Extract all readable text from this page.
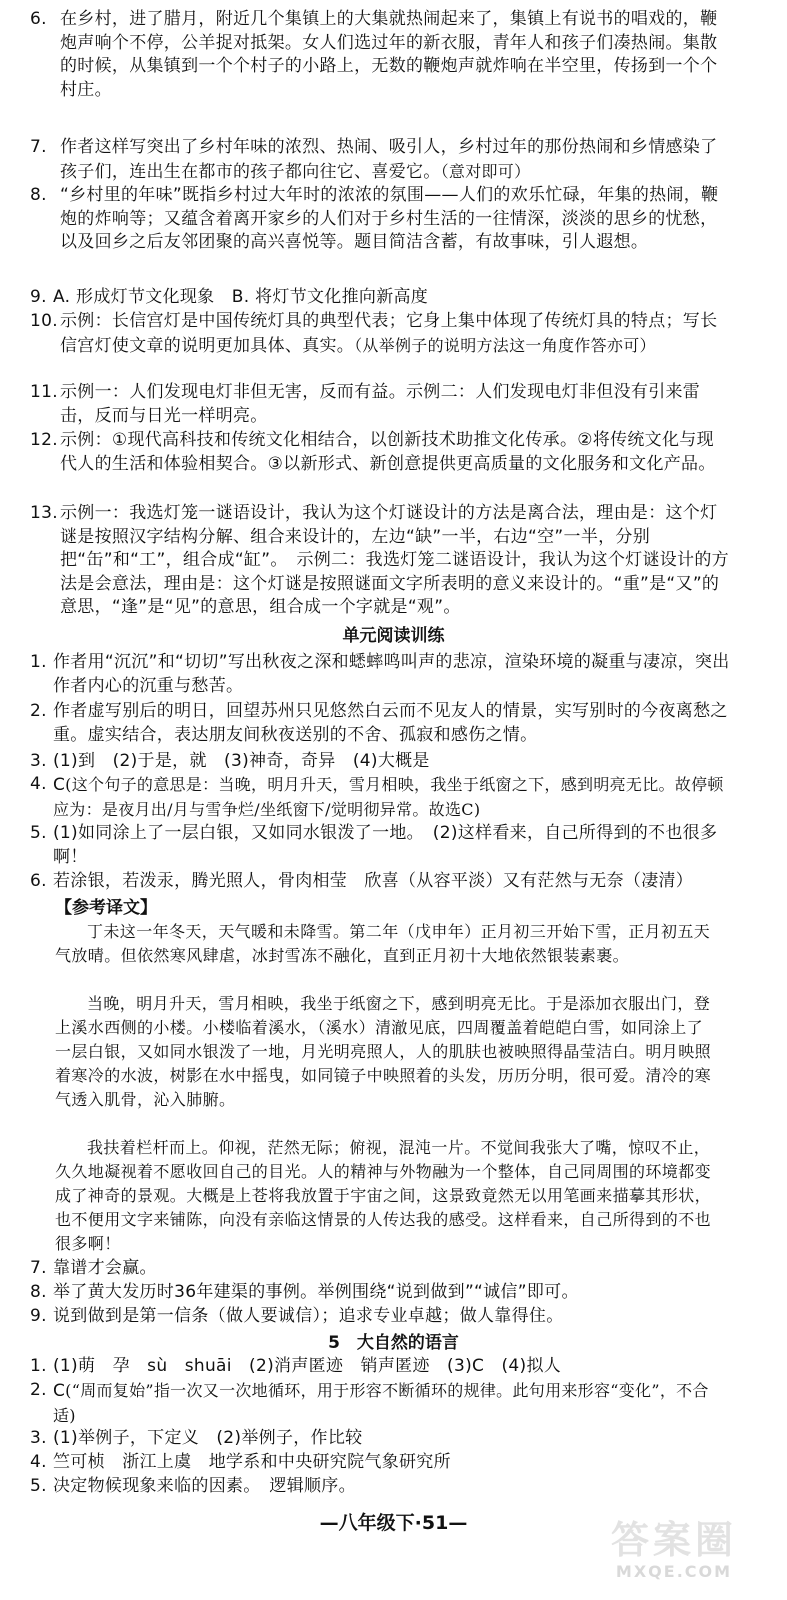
6. 在乡村，进了腊月，附近几个集镇上的大集就热闹起来了，集镇上有说书的唱戏的，鞭炮声响个不停，公羊捉对抵架。女人们选过年的新衣服，青年人和孩子们凑热闹。集散的时候，从集镇到一个个村子的小路上，无数的鞭炮声就炸响在半空里，传扬到一个个村庄。
7. 作者这样写突出了乡村年味的浓烈、热闹、吸引人，乡村过年的那份热闹和乡情感染了孩子们，连出生在都市的孩子都向往它、喜爱它。（意对即可）
8. “乡村里的年味”既指乡村过大年时的浓浓的氛围——人们的欢乐忙碌，年集的热闹，鞭炮的炸响等；又蕴含着离开家乡的人们对于乡村生活的一往情深，淡淡的思乡的忧愁，以及回乡之后友邻团聚的高兴喜悦等。题目简洁含蓄，有故事味，引人遐想。
9. A. 形成灯节文化现象　B. 将灯节文化推向新高度
10. 示例：长信宫灯是中国传统灯具的典型代表；它身上集中体现了传统灯具的特点；写长信宫灯使文章的说明更加具体、真实。（从举例子的说明方法这一角度作答亦可）
11. 示例一：人们发现电灯非但无害，反而有益。示例二：人们发现电灯非但没有引来雷击，反而与日光一样明亮。
12. 示例：①现代高科技和传统文化相结合，以创新技术助推文化传承。②将传统文化与现代人的生活和体验相契合。③以新形式、新创意提供更高质量的文化服务和文化产品。
13. 示例一：我选灯笼一谜语设计，我认为这个灯谜设计的方法是离合法，理由是：这个灯谜是按照汉字结构分解、组合来设计的，左边“缺”一半，右边“空”一半，分别把“缶”和“工”，组合成“缸”。　示例二：我选灯笼二谜语设计，我认为这个灯谜设计的方法是会意法，理由是：这个灯谜是按照谜面文字所表明的意义来设计的。“重”是“又”的意思，“逢”是“见”的意思，组合成一个字就是“观”。
单元阅读训练
1. 作者用“沉沉”和“切切”写出秋夜之深和蟋蟀鸣叫声的悲凉，渲染环境的凝重与凄凉，突出作者内心的沉重与愁苦。
2. 作者虚写别后的明日，回望苏州只见悠然白云而不见友人的情景，实写别时的今夜离愁之重。虚实结合，表达朋友间秋夜送别的不舍、孤寂和感伤之情。
3. (1)到　(2)于是，就　(3)神奇，奇异　(4)大概是
4. C(这个句子的意思是：当晚，明月升天，雪月相映，我坐于纸窗之下，感到明亮无比。故停顿应为：是夜月出/月与雪争烂/坐纸窗下/觉明彻异常。故选C)
5. (1)如同涂上了一层白银，又如同水银泼了一地。　(2)这样看来，自己所得到的不也很多啊！
6. 若涂银，若泼汞，腾光照人，骨肉相莹　欣喜（从容平淡）又有茫然与无奈（凄清）
【参考译文】
丁未这一年冬天，天气暖和未降雪。第二年（戊申年）正月初三开始下雪，正月初五天气放晴。但依然寒风肆虐，冰封雪冻不融化，直到正月初十大地依然银装素裹。
当晚，明月升天，雪月相映，我坐于纸窗之下，感到明亮无比。于是添加衣服出门，登上溪水西侧的小楼。小楼临着溪水，（溪水）清澈见底，四周覆盖着皑皑白雪，如同涂上了一层白银，又如同水银泼了一地，月光明亮照人，人的肌肤也被映照得晶莹洁白。明月映照着寒冷的水波，树影在水中摇曳，如同镜子中映照着的头发，历历分明，很可爱。清冷的寒气透入肌骨，沁入肺腑。
我扶着栏杆而上。仰视，茫然无际；俯视，混沌一片。不觉间我张大了嘴，惊叹不止，久久地凝视着不愿收回自己的目光。人的精神与外物融为一个整体，自己同周围的环境都变成了神奇的景观。大概是上苍将我放置于宇宙之间，这景致竟然无以用笔画来描摹其形状，也不便用文字来铺陈，向没有亲临这情景的人传达我的感受。这样看来，自己所得到的不也很多啊！
7. 靠谱才会赢。
8. 举了黄大发历时36年建渠的事例。举例围绕“说到做到”“诚信”即可。
9. 说到做到是第一信条（做人要诚信）；追求专业卓越；做人靠得住。
5　大自然的语言
1. (1)萌　孕　sù　shuāi　(2)消声匿迹　销声匿迹　(3)C　(4)拟人
2. C(“周而复始”指一次又一次地循环，用于形容不断循环的规律。此句用来形容“变化”，不合适)
3. (1)举例子，下定义　(2)举例子，作比较
4. 竺可桢　浙江上虞　地学系和中央研究院气象研究所
5. 决定物候现象来临的因素。　逻辑顺序。
—八年级下·51—	答案圈
MXQE.COM
